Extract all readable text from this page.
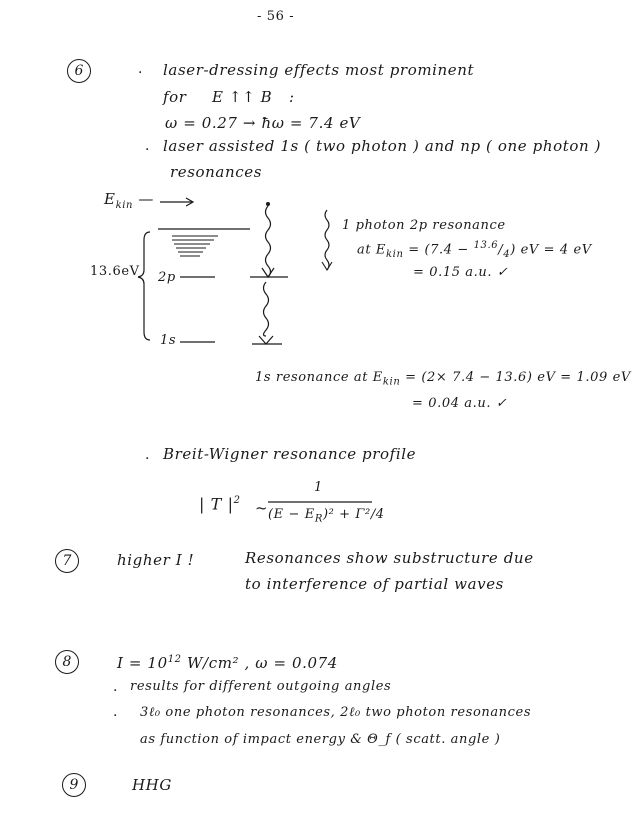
- 56 -
6	· laser-dressing effects most prominent
for E ↑↑ B :
ω = 0.27 → ħω = 7.4 eV
· laser assisted 1s ( two photon ) and np ( one photon )
resonances
$E_{kin}$ —
13.6eV 2p
1s
1 photon 2p resonance
at $E_{kin} = (7.4 - ^{13.6}/_4)$ eV = 4 eV
= 0.15 a.u. ✓
1s resonance at $E_{kin} = (2\times 7.4 - 13.6)$ eV = 1.09 eV
= 0.04 a.u. ✓
· Breit-Wigner resonance profile
| T $|^2$ ~
1
$(E - E_R)^2 + \Gamma^2/4$
7	higher I !	Resonances show substructure due
to interference of partial waves
8	$I = 10^{12}$ W/cm² , ω = 0.074
· results for different outgoing angles
· 3ℓ₀ one photon resonances, 2ℓ₀ two photon resonances
as function of impact energy & Θ_f ( scatt. angle )
9	HHG
